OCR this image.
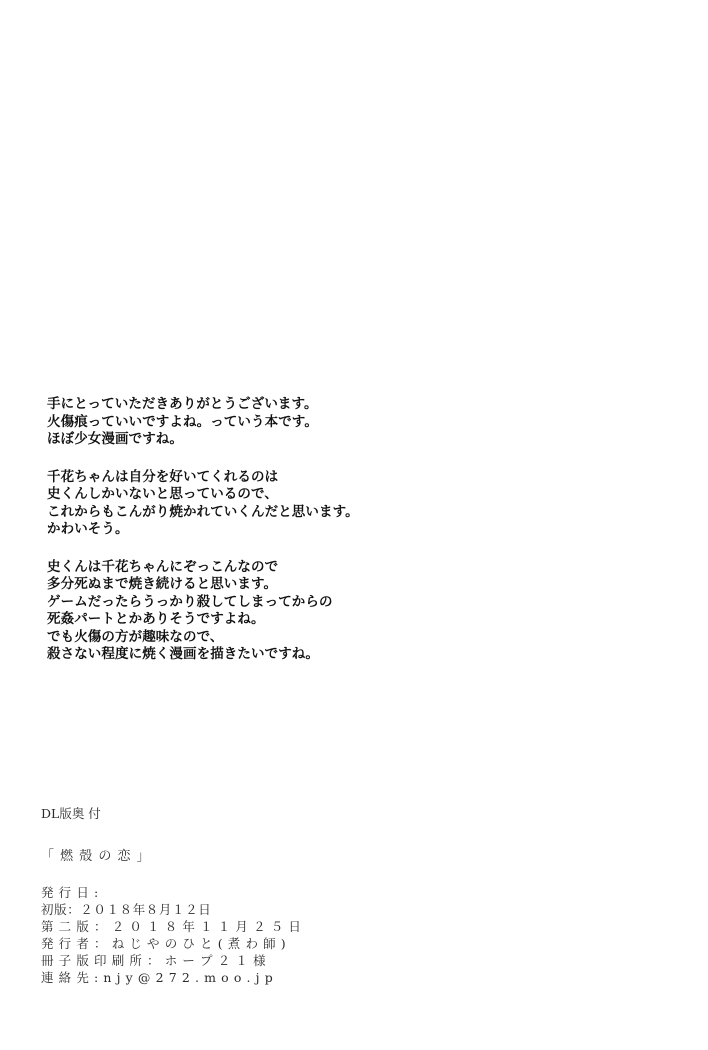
手にとっていただきありがとうございます。
火傷痕っていいですよね。っていう本です。
ほぼ少女漫画ですね。
千花ちゃんは自分を好いてくれるのは
史くんしかいないと思っているので、
これからもこんがり焼かれていくんだと思います。
かわいそう。
史くんは千花ちゃんにぞっこんなので
多分死ぬまで焼き続けると思います。
ゲームだったらうっかり殺してしまってからの
死姦パートとかありそうですよね。
でも火傷の方が趣味なので、
殺さない程度に焼く漫画を描きたいですね。
DL版奥 付
「 燃 殻 の 恋 」
発 行 日 :
初版：２０１８年８月１２日
第 二 版 ： ２ ０ １ ８ 年 １ １ 月 ２ ５ 日
発 行 者 ： ね じ や の ひ と ( 煮 わ 師 )
冊 子 版 印 刷 所 ： ホ ー プ ２ １ 様
連 絡 先 : n j y @ 2 7 2 . m o o . j p
